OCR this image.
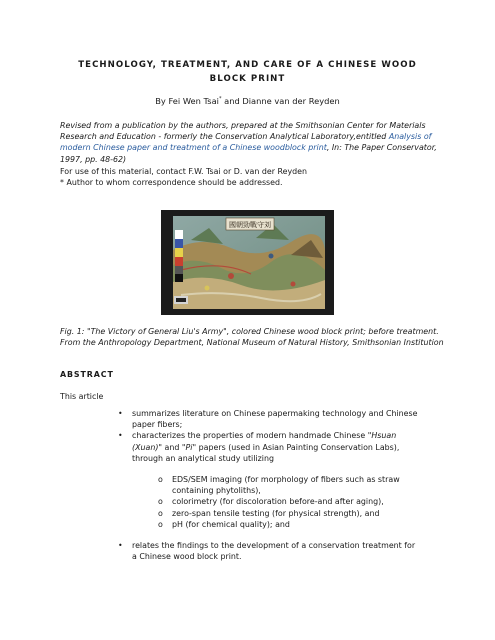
TECHNOLOGY, TREATMENT, AND CARE OF A CHINESE WOOD BLOCK PRINT
By Fei Wen Tsai* and Dianne van der Reyden
Revised from a publication by the authors, prepared at the Smithsonian Center for Materials Research and Education - formerly the Conservation Analytical Laboratory,entitled Analysis of modern Chinese paper and treatment of a Chinese woodblock print, In: The Paper Conservator, 1997, pp. 48-62)
For use of this material, contact F.W. Tsai or D. van der Reyden
* Author to whom correspondence should be addressed.
國朝勁戰守刘
Fig. 1: "The Victory of General Liu's Army", colored Chinese wood block print; before treatment. From the Anthropology Department, National Museum of Natural History, Smithsonian Institution
ABSTRACT
This article
• summarizes literature on Chinese papermaking technology and Chinese paper fibers;
• characterizes the properties of modern handmade Chinese "Hsuan (Xuan)" and "Pi" papers (used in Asian Painting Conservation Labs), through an analytical study utilizing
o EDS/SEM imaging (for morphology of fibers such as straw containing phytoliths),
o colorimetry (for discoloration before-and after aging),
o zero-span tensile testing (for physical strength), and
o pH (for chemical quality); and
• relates the findings to the development of a conservation treatment for a Chinese wood block print.
